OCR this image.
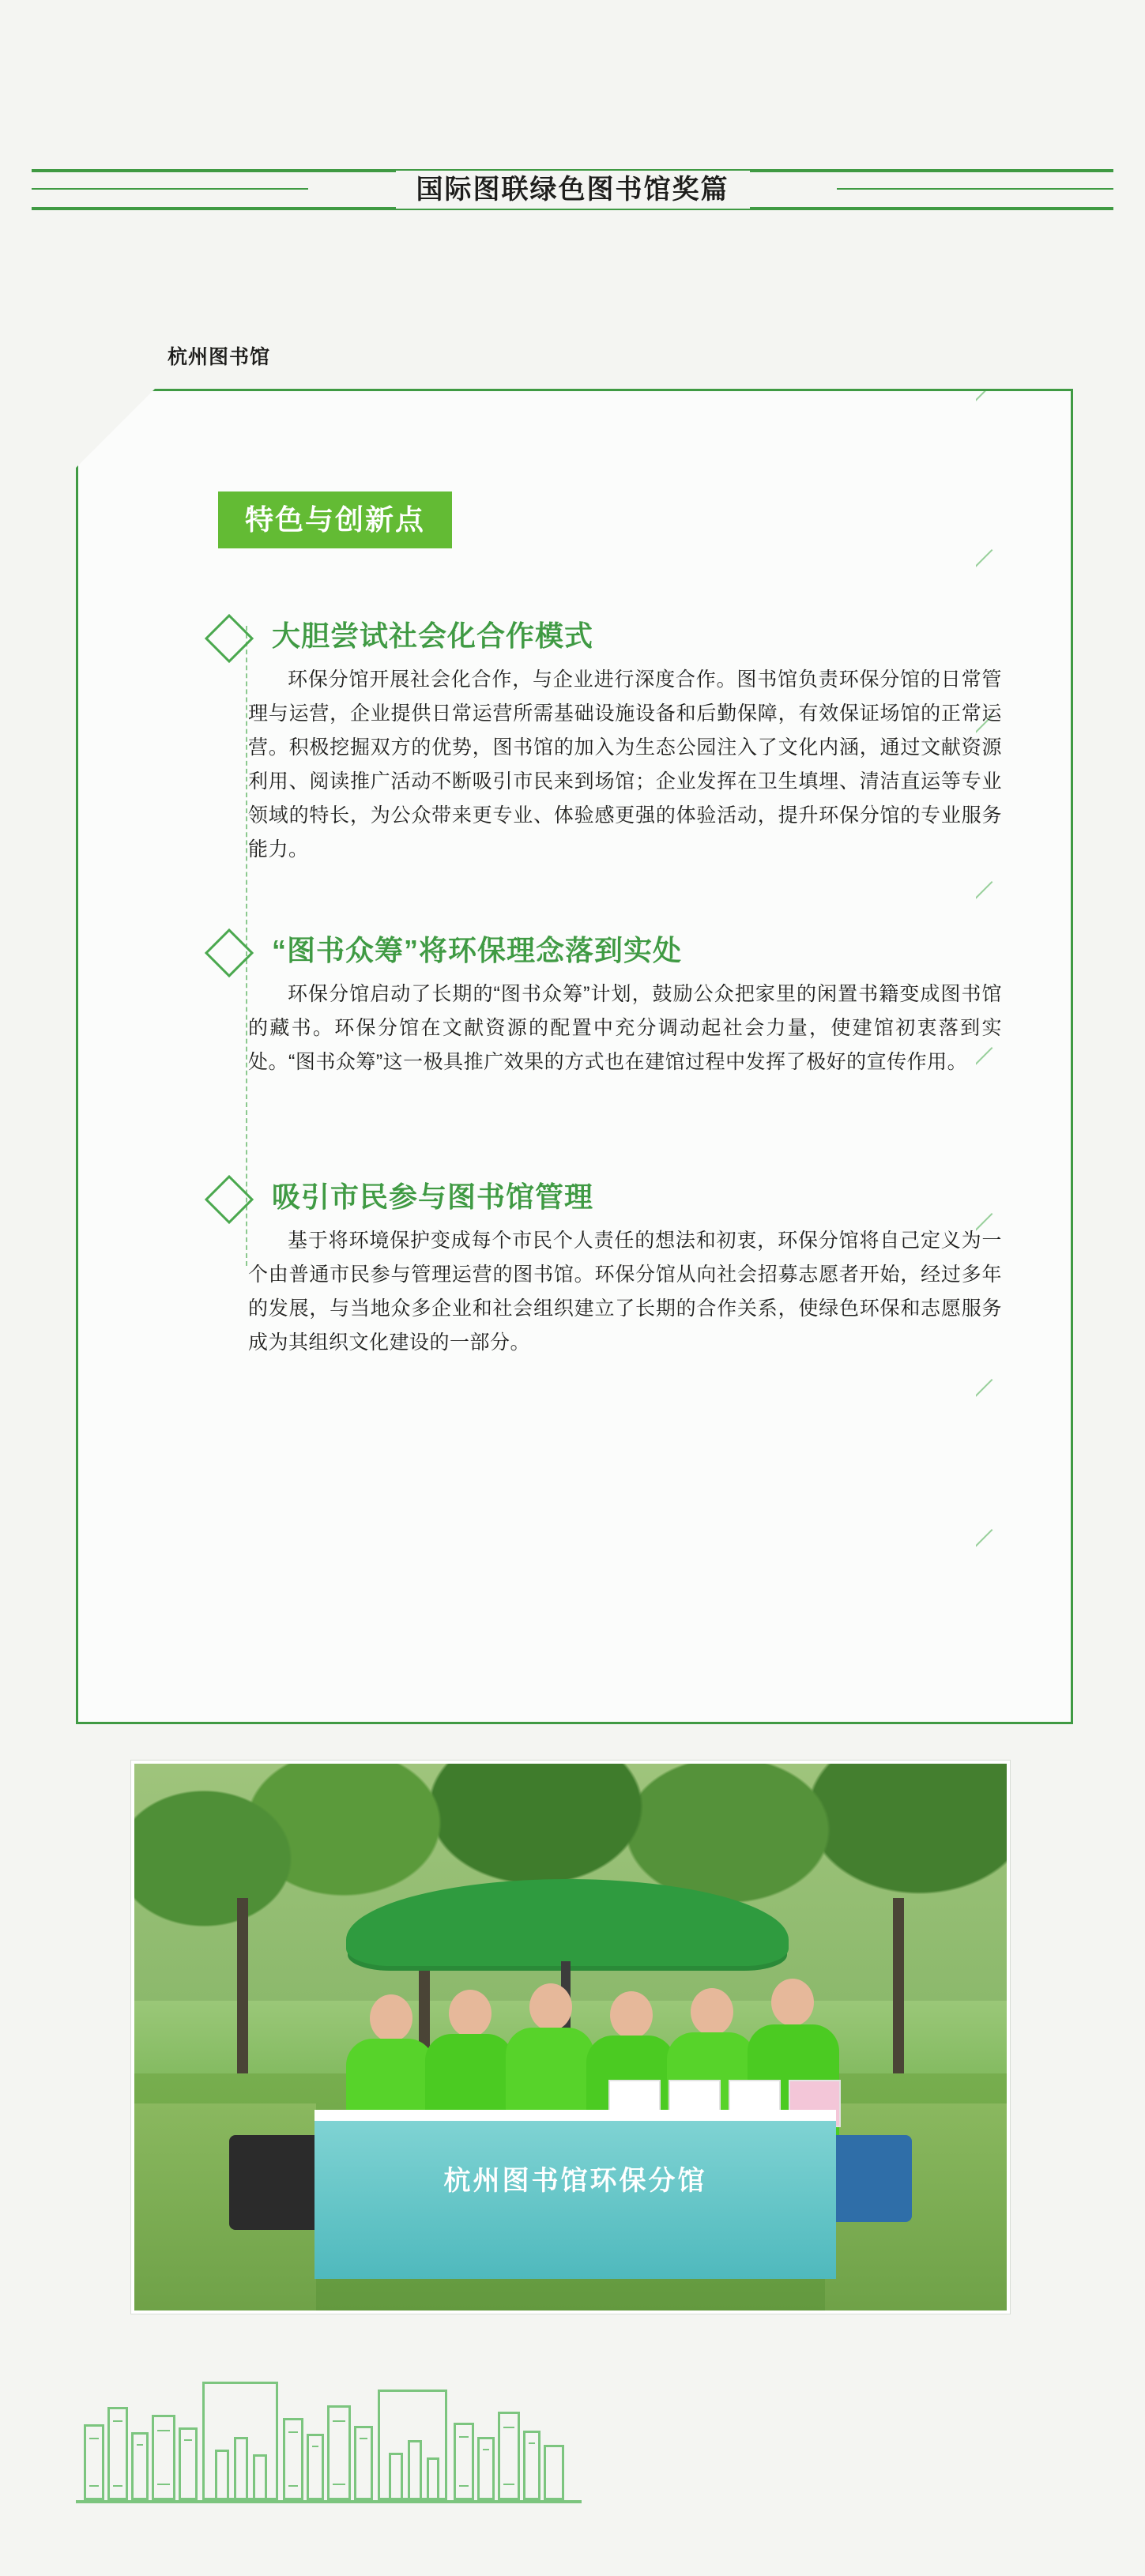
国际图联绿色图书馆奖篇
杭州图书馆
特色与创新点
大胆尝试社会化合作模式

环保分馆开展社会化合作，与企业进行深度合作。图书馆负责环保分馆的日常管理与运营，企业提供日常运营所需基础设施设备和后勤保障，有效保证场馆的正常运营。积极挖掘双方的优势，图书馆的加入为生态公园注入了文化内涵，通过文献资源利用、阅读推广活动不断吸引市民来到场馆；企业发挥在卫生填埋、清洁直运等专业领域的特长，为公众带来更专业、体验感更强的体验活动，提升环保分馆的专业服务能力。

“图书众筹”将环保理念落到实处

环保分馆启动了长期的“图书众筹”计划，鼓励公众把家里的闲置书籍变成图书馆的藏书。环保分馆在文献资源的配置中充分调动起社会力量，使建馆初衷落到实处。“图书众筹”这一极具推广效果的方式也在建馆过程中发挥了极好的宣传作用。

吸引市民参与图书馆管理

基于将环境保护变成每个市民个人责任的想法和初衷，环保分馆将自己定义为一个由普通市民参与管理运营的图书馆。环保分馆从向社会招募志愿者开始，经过多年的发展，与当地众多企业和社会组织建立了长期的合作关系，使绿色环保和志愿服务成为其组织文化建设的一部分。

杭州图书馆环保分馆
